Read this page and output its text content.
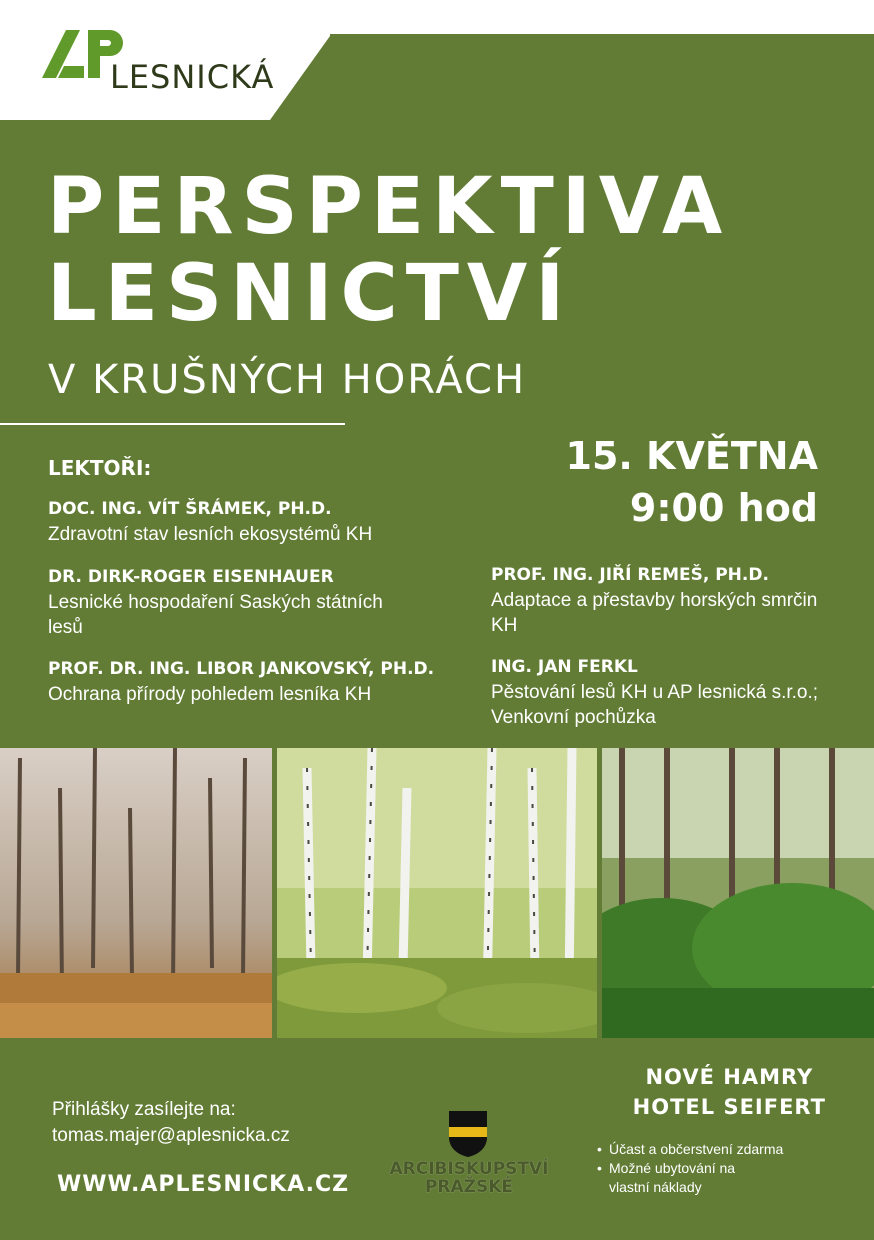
LESNICKÁ
PERSPEKTIVA
LESNICTVÍ
V KRUŠNÝCH HORÁCH
15. KVĚTNA
9:00 hod
LEKTOŘI:
DOC. ING. VÍT ŠRÁMEK, PH.D.
Zdravotní stav lesních ekosystémů KH
DR. DIRK-ROGER EISENHAUER
Lesnické hospodaření Saských státních lesů
PROF. DR. ING. LIBOR JANKOVSKÝ, PH.D.
Ochrana přírody pohledem lesníka KH
PROF. ING. JIŘÍ REMEŠ, PH.D.
Adaptace a přestavby horských smrčin KH
ING. JAN FERKL
Pěstování lesů KH u AP lesnická s.r.o.; Venkovní pochůzka
Přihlášky zasílejte na:
tomas.majer@aplesnicka.cz
WWW.APLESNICKA.CZ
ARCIBISKUPSTVÍ
PRAŽSKÉ
NOVÉ HAMRY
HOTEL SEIFERT
• Účast a občerstvení zdarma
• Možné ubytování na vlastní náklady
